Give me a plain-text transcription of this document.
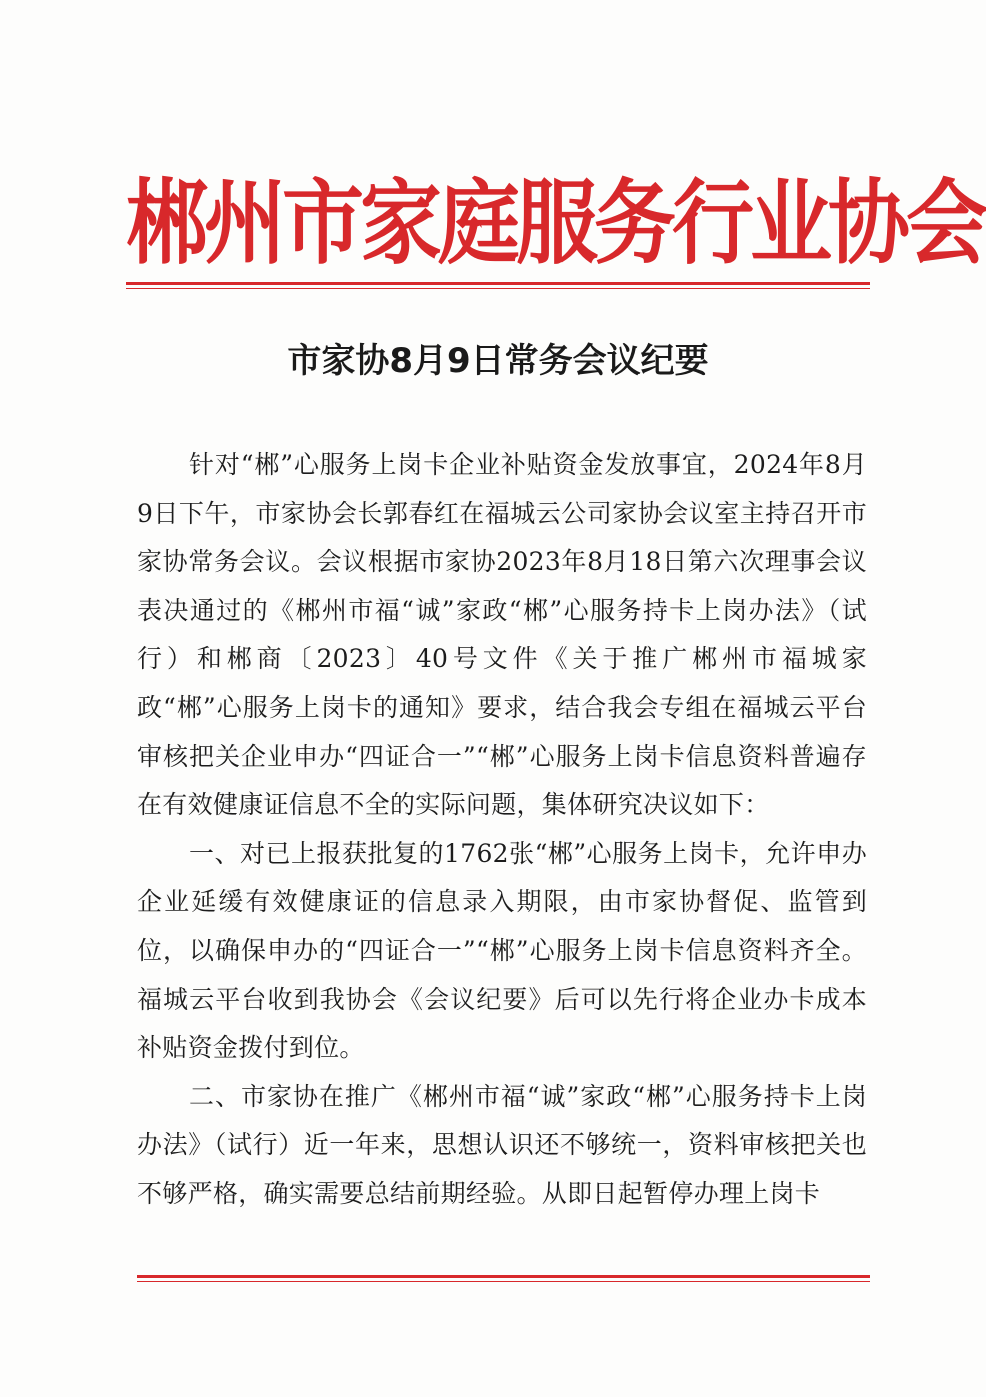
郴州市家庭服务行业协会
市家协8月9日常务会议纪要

针对“郴”心服务上岗卡企业补贴资金发放事宜，2024年8月9日下午，市家协会长郭春红在福城云公司家协会议室主持召开市家协常务会议。会议根据市家协2023年8月18日第六次理事会议表决通过的《郴州市福“诚”家政“郴”心服务持卡上岗办法》（试行）和郴商〔2023〕40号文件《关于推广郴州市福城家政“郴”心服务上岗卡的通知》要求，结合我会专组在福城云平台审核把关企业申办“四证合一”“郴”心服务上岗卡信息资料普遍存在有效健康证信息不全的实际问题，集体研究决议如下：

一、对已上报获批复的1762张“郴”心服务上岗卡，允许申办企业延缓有效健康证的信息录入期限，由市家协督促、监管到位，以确保申办的“四证合一”“郴”心服务上岗卡信息资料齐全。福城云平台收到我协会《会议纪要》后可以先行将企业办卡成本补贴资金拨付到位。

二、市家协在推广《郴州市福“诚”家政“郴”心服务持卡上岗办法》（试行）近一年来，思想认识还不够统一，资料审核把关也不够严格，确实需要总结前期经验。从即日起暂停办理上岗卡
